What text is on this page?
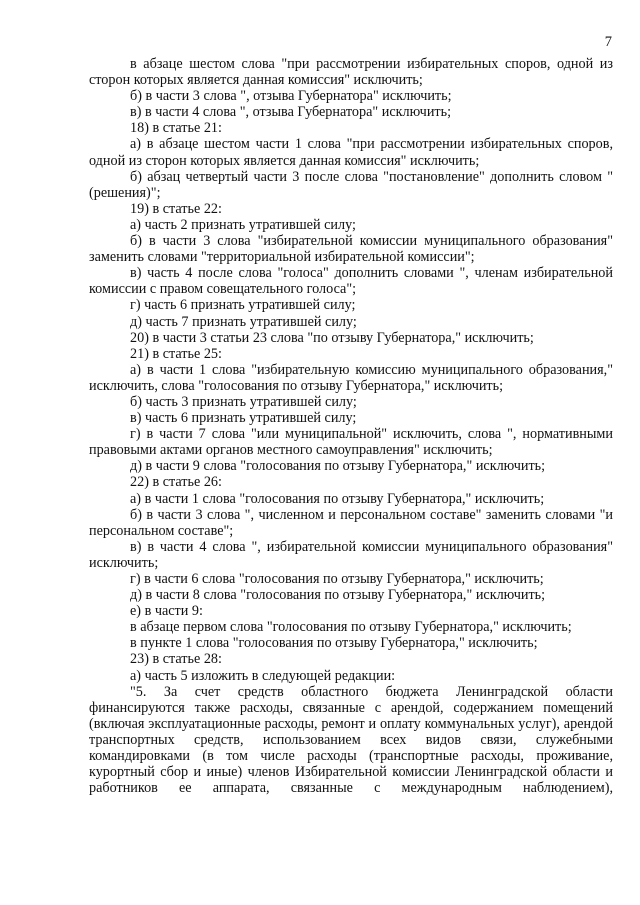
7

в абзаце шестом слова "при рассмотрении избирательных споров, одной из сторон которых является данная комиссия" исключить;

б) в части 3 слова ", отзыва Губернатора" исключить;

в) в части 4 слова ", отзыва Губернатора" исключить;

18) в статье 21:

а) в абзаце шестом части 1 слова "при рассмотрении избирательных споров, одной из сторон которых является данная комиссия" исключить;

б) абзац четвертый части 3 после слова "постановление" дополнить словом "(решения)";

19) в статье 22:

а) часть 2 признать утратившей силу;

б) в части 3 слова "избирательной комиссии муниципального образования" заменить словами "территориальной избирательной комиссии";

в) часть 4 после слова "голоса" дополнить словами ", членам избирательной комиссии с правом совещательного голоса";

г) часть 6 признать утратившей силу;

д) часть 7 признать утратившей силу;

20) в части 3 статьи 23 слова "по отзыву Губернатора," исключить;

21) в статье 25:

а) в части 1 слова "избирательную комиссию муниципального образования," исключить, слова "голосования по отзыву Губернатора," исключить;

б) часть 3 признать утратившей силу;

в) часть 6 признать утратившей силу;

г) в части 7 слова "или муниципальной" исключить, слова ", нормативными правовыми актами органов местного самоуправления" исключить;

д) в части 9 слова "голосования по отзыву Губернатора," исключить;

22) в статье 26:

а) в части 1 слова "голосования по отзыву Губернатора," исключить;

б) в части 3 слова ", численном и персональном составе" заменить словами "и персональном составе";

в) в части 4 слова ", избирательной комиссии муниципального образования" исключить;

г) в части 6 слова "голосования по отзыву Губернатора," исключить;

д) в части 8 слова "голосования по отзыву Губернатора," исключить;

е) в части 9:

в абзаце первом слова "голосования по отзыву Губернатора," исключить;

в пункте 1 слова "голосования по отзыву Губернатора," исключить;

23) в статье 28:

а) часть 5 изложить в следующей редакции:

"5. За счет средств областного бюджета Ленинградской области финансируются также расходы, связанные с арендой, содержанием помещений (включая эксплуатационные расходы, ремонт и оплату коммунальных услуг), арендой транспортных средств, использованием всех видов связи, служебными командировками (в том числе расходы (транспортные расходы, проживание, курортный сбор и иные) членов Избирательной комиссии Ленинградской области и работников ее аппарата, связанные с международным наблюдением),
